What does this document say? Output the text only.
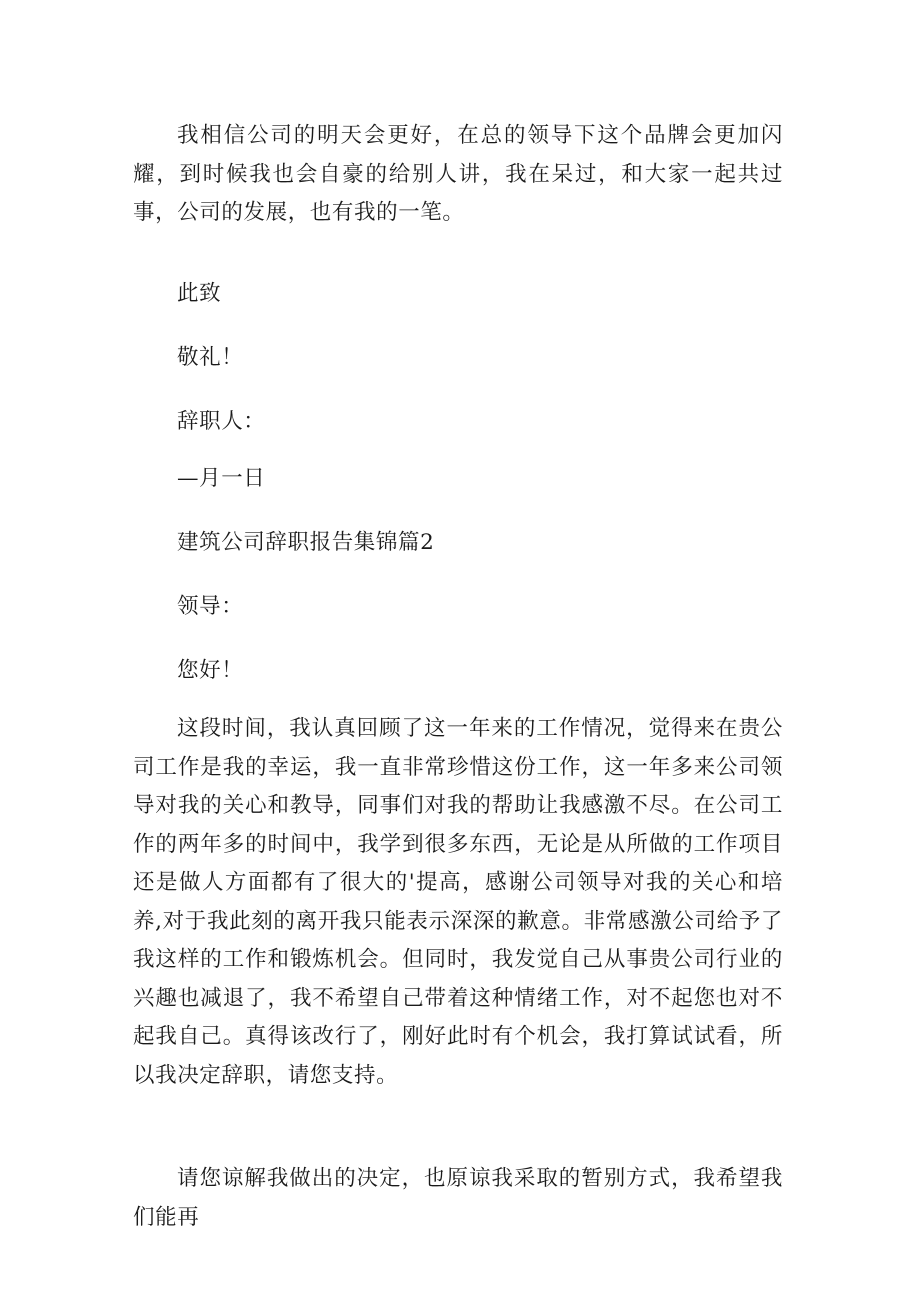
我相信公司的明天会更好，在总的领导下这个品牌会更加闪耀，到时候我也会自豪的给别人讲，我在呆过，和大家一起共过事，公司的发展，也有我的一笔。

此致

敬礼！

辞职人：

—月一日

建筑公司辞职报告集锦篇2

领导：

您好！

这段时间，我认真回顾了这一年来的工作情况，觉得来在贵公司工作是我的幸运，我一直非常珍惜这份工作，这一年多来公司领导对我的关心和教导，同事们对我的帮助让我感激不尽。在公司工作的两年多的时间中，我学到很多东西，无论是从所做的工作项目还是做人方面都有了很大的'提高，感谢公司领导对我的关心和培养,对于我此刻的离开我只能表示深深的歉意。非常感激公司给予了我这样的工作和锻炼机会。但同时，我发觉自己从事贵公司行业的兴趣也减退了，我不希望自己带着这种情绪工作，对不起您也对不起我自己。真得该改行了，刚好此时有个机会，我打算试试看，所以我决定辞职，请您支持。

请您谅解我做出的决定，也原谅我采取的暂别方式，我希望我们能再
